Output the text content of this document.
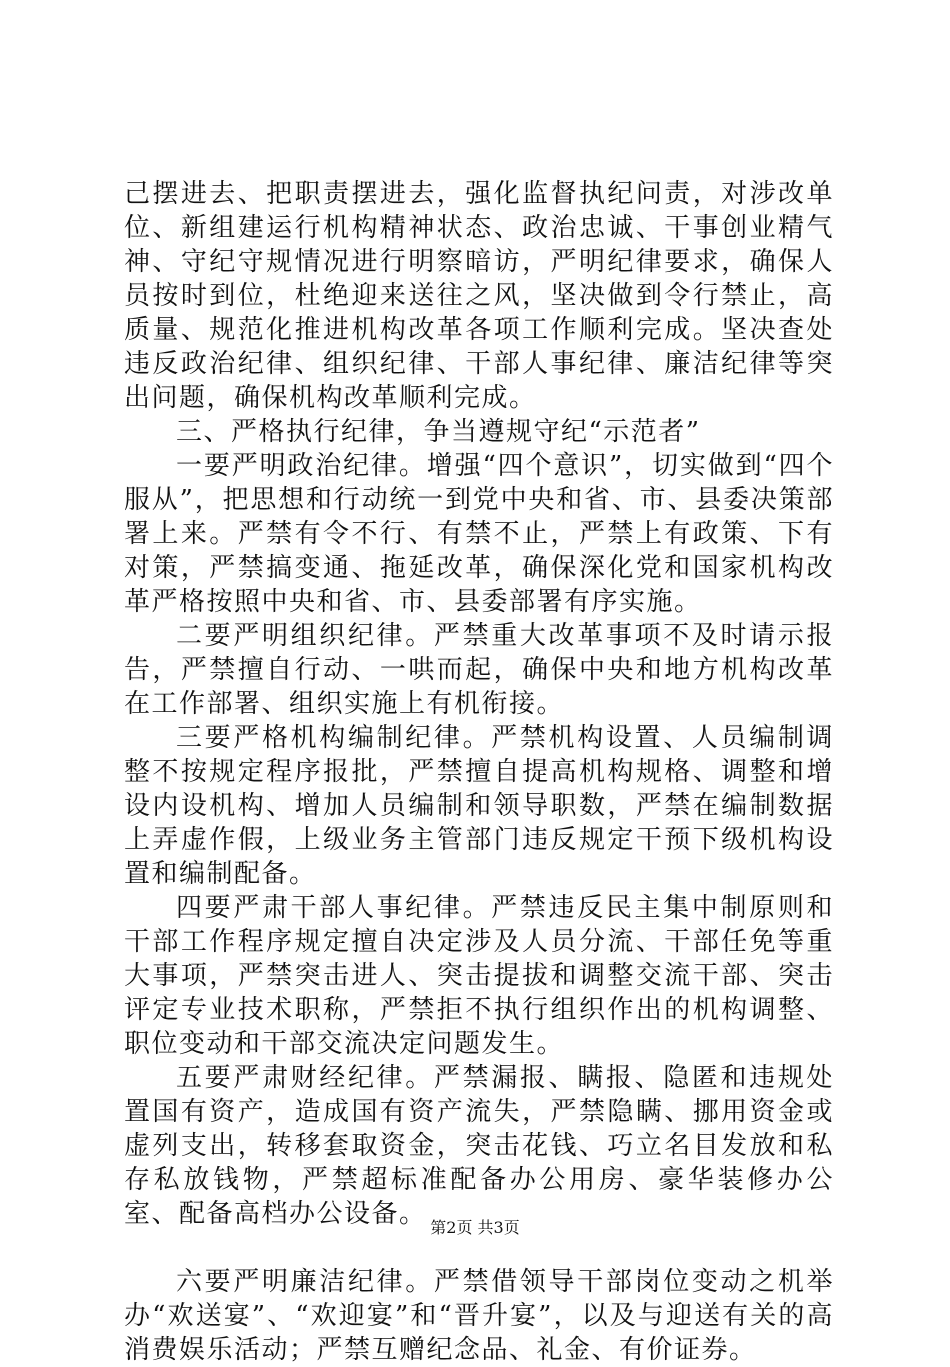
己摆进去、把职责摆进去，强化监督执纪问责，对涉改单位、新组建运行机构精神状态、政治忠诚、干事创业精气神、守纪守规情况进行明察暗访，严明纪律要求，确保人员按时到位，杜绝迎来送往之风，坚决做到令行禁止，高质量、规范化推进机构改革各项工作顺利完成。坚决查处违反政治纪律、组织纪律、干部人事纪律、廉洁纪律等突出问题，确保机构改革顺利完成。

三、严格执行纪律，争当遵规守纪“示范者”

一要严明政治纪律。增强“四个意识”，切实做到“四个服从”，把思想和行动统一到党中央和省、市、县委决策部署上来。严禁有令不行、有禁不止，严禁上有政策、下有对策，严禁搞变通、拖延改革，确保深化党和国家机构改革严格按照中央和省、市、县委部署有序实施。

二要严明组织纪律。严禁重大改革事项不及时请示报告，严禁擅自行动、一哄而起，确保中央和地方机构改革在工作部署、组织实施上有机衔接。

三要严格机构编制纪律。严禁机构设置、人员编制调整不按规定程序报批，严禁擅自提高机构规格、调整和增设内设机构、增加人员编制和领导职数，严禁在编制数据上弄虚作假，上级业务主管部门违反规定干预下级机构设置和编制配备。

四要严肃干部人事纪律。严禁违反民主集中制原则和干部工作程序规定擅自决定涉及人员分流、干部任免等重大事项，严禁突击进人、突击提拔和调整交流干部、突击评定专业技术职称，严禁拒不执行组织作出的机构调整、职位变动和干部交流决定问题发生。

五要严肃财经纪律。严禁漏报、瞒报、隐匿和违规处置国有资产，造成国有资产流失，严禁隐瞒、挪用资金或虚列支出，转移套取资金，突击花钱、巧立名目发放和私存私放钱物，严禁超标准配备办公用房、豪华装修办公室、配备高档办公设备。

六要严明廉洁纪律。严禁借领导干部岗位变动之机举办“欢送宴”、“欢迎宴”和“晋升宴”，以及与迎送有关的高消费娱乐活动；严禁互赠纪念品、礼金、有价证券。

第2页 共3页
